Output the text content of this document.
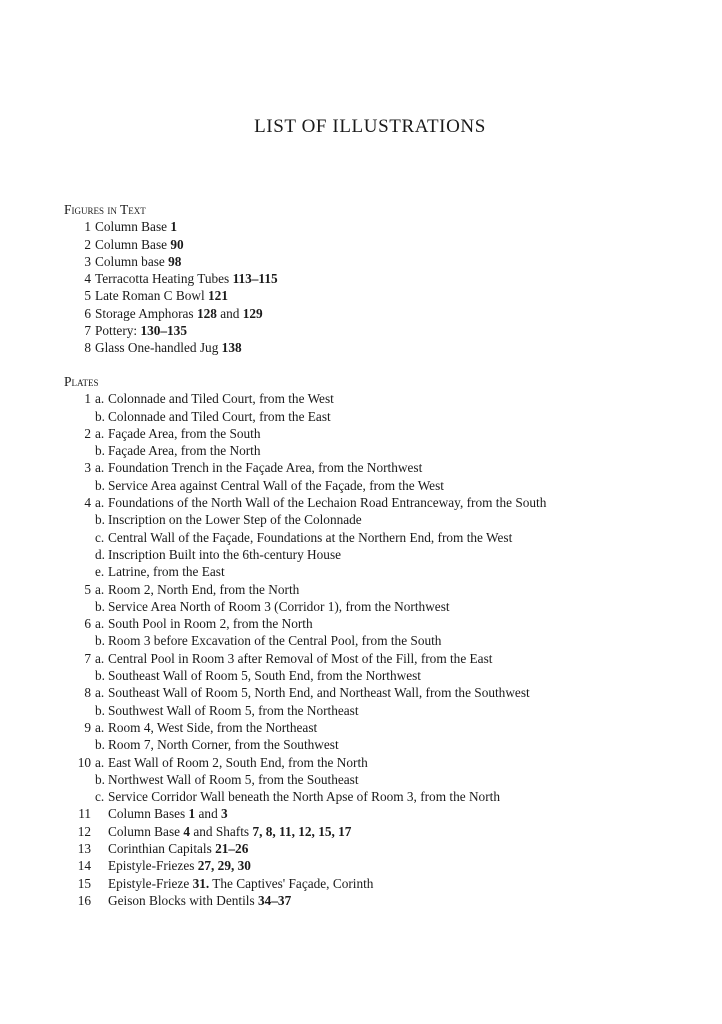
LIST OF ILLUSTRATIONS
Figures in Text
1 Column Base 1
2 Column Base 90
3 Column base 98
4 Terracotta Heating Tubes 113–115
5 Late Roman C Bowl 121
6 Storage Amphoras 128 and 129
7 Pottery: 130–135
8 Glass One-handled Jug 138
Plates
1 a. Colonnade and Tiled Court, from the West
b. Colonnade and Tiled Court, from the East
2 a. Façade Area, from the South
b. Façade Area, from the North
3 a. Foundation Trench in the Façade Area, from the Northwest
b. Service Area against Central Wall of the Façade, from the West
4 a. Foundations of the North Wall of the Lechaion Road Entranceway, from the South
b. Inscription on the Lower Step of the Colonnade
c. Central Wall of the Façade, Foundations at the Northern End, from the West
d. Inscription Built into the 6th-century House
e. Latrine, from the East
5 a. Room 2, North End, from the North
b. Service Area North of Room 3 (Corridor 1), from the Northwest
6 a. South Pool in Room 2, from the North
b. Room 3 before Excavation of the Central Pool, from the South
7 a. Central Pool in Room 3 after Removal of Most of the Fill, from the East
b. Southeast Wall of Room 5, South End, from the Northwest
8 a. Southeast Wall of Room 5, North End, and Northeast Wall, from the Southwest
b. Southwest Wall of Room 5, from the Northeast
9 a. Room 4, West Side, from the Northeast
b. Room 7, North Corner, from the Southwest
10 a. East Wall of Room 2, South End, from the North
b. Northwest Wall of Room 5, from the Southeast
c. Service Corridor Wall beneath the North Apse of Room 3, from the North
11	Column Bases 1 and 3
12	Column Base 4 and Shafts 7, 8, 11, 12, 15, 17
13	Corinthian Capitals 21–26
14	Epistyle-Friezes 27, 29, 30
15	Epistyle-Frieze 31. The Captives' Façade, Corinth
16	Geison Blocks with Dentils 34–37
